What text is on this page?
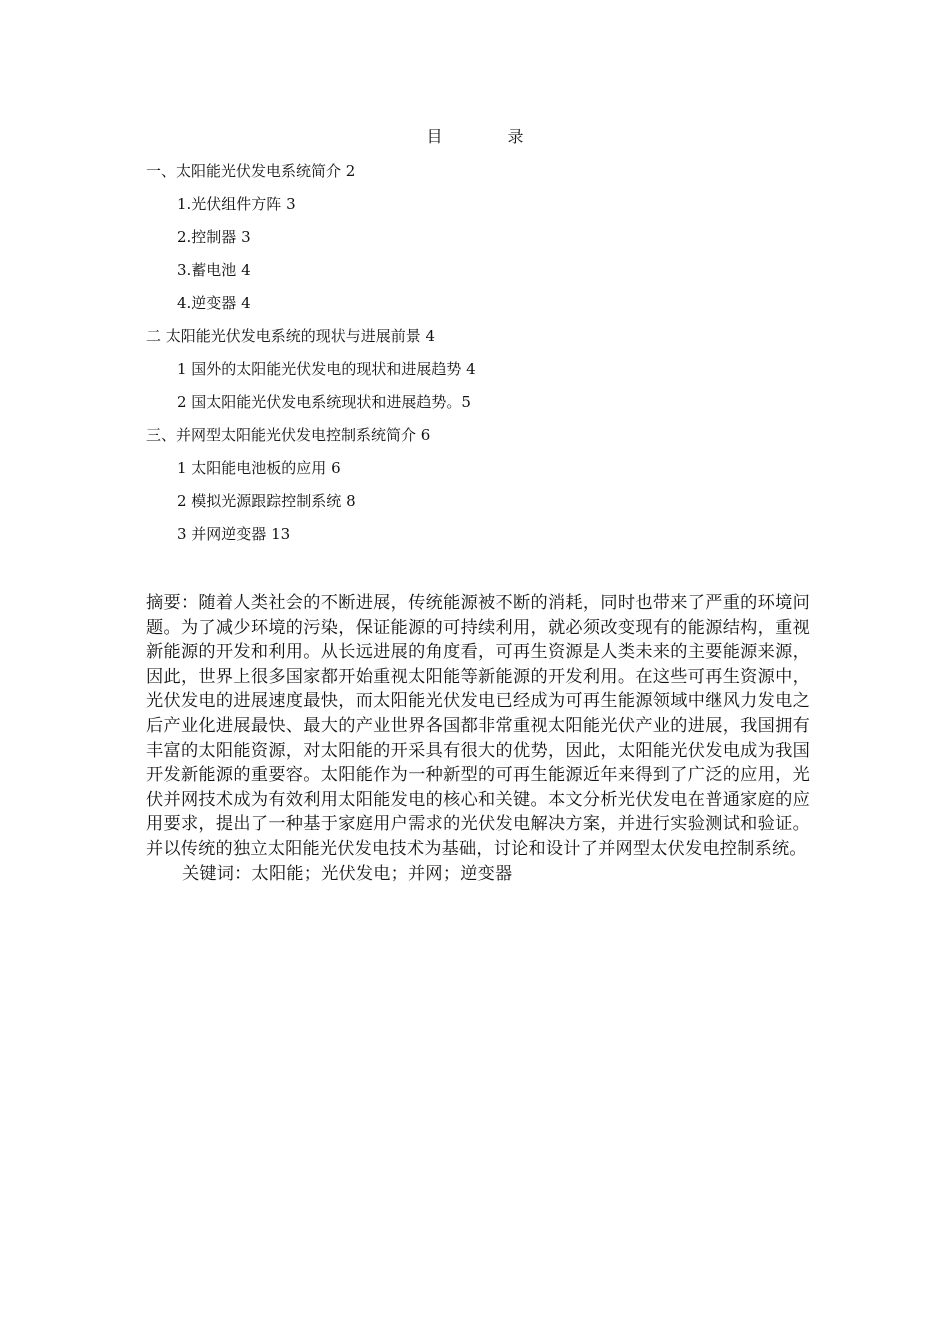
目 录
一、太阳能光伏发电系统简介 2
1.光伏组件方阵 3
2.控制器 3
3.蓄电池 4
4.逆变器 4
二 太阳能光伏发电系统的现状与进展前景 4
1 国外的太阳能光伏发电的现状和进展趋势 4
2 国太阳能光伏发电系统现状和进展趋势。5
三、并网型太阳能光伏发电控制系统简介 6
1 太阳能电池板的应用 6
2 模拟光源跟踪控制系统 8
3 并网逆变器 13

摘要：随着人类社会的不断进展，传统能源被不断的消耗，同时也带来了严重的环境问题。为了减少环境的污染，保证能源的可持续利用，就必须改变现有的能源结构，重视新能源的开发和利用。从长远进展的角度看，可再生资源是人类未来的主要能源来源，因此，世界上很多国家都开始重视太阳能等新能源的开发利用。在这些可再生资源中，光伏发电的进展速度最快，而太阳能光伏发电已经成为可再生能源领域中继风力发电之后产业化进展最快、最大的产业世界各国都非常重视太阳能光伏产业的进展，我国拥有丰富的太阳能资源，对太阳能的开采具有很大的优势，因此，太阳能光伏发电成为我国开发新能源的重要容。太阳能作为一种新型的可再生能源近年来得到了广泛的应用，光伏并网技术成为有效利用太阳能发电的核心和关键。本文分析光伏发电在普通家庭的应用要求，提出了一种基于家庭用户需求的光伏发电解决方案，并进行实验测试和验证。并以传统的独立太阳能光伏发电技术为基础，讨论和设计了并网型太伏发电控制系统。

关键词：太阳能；光伏发电；并网；逆变器
